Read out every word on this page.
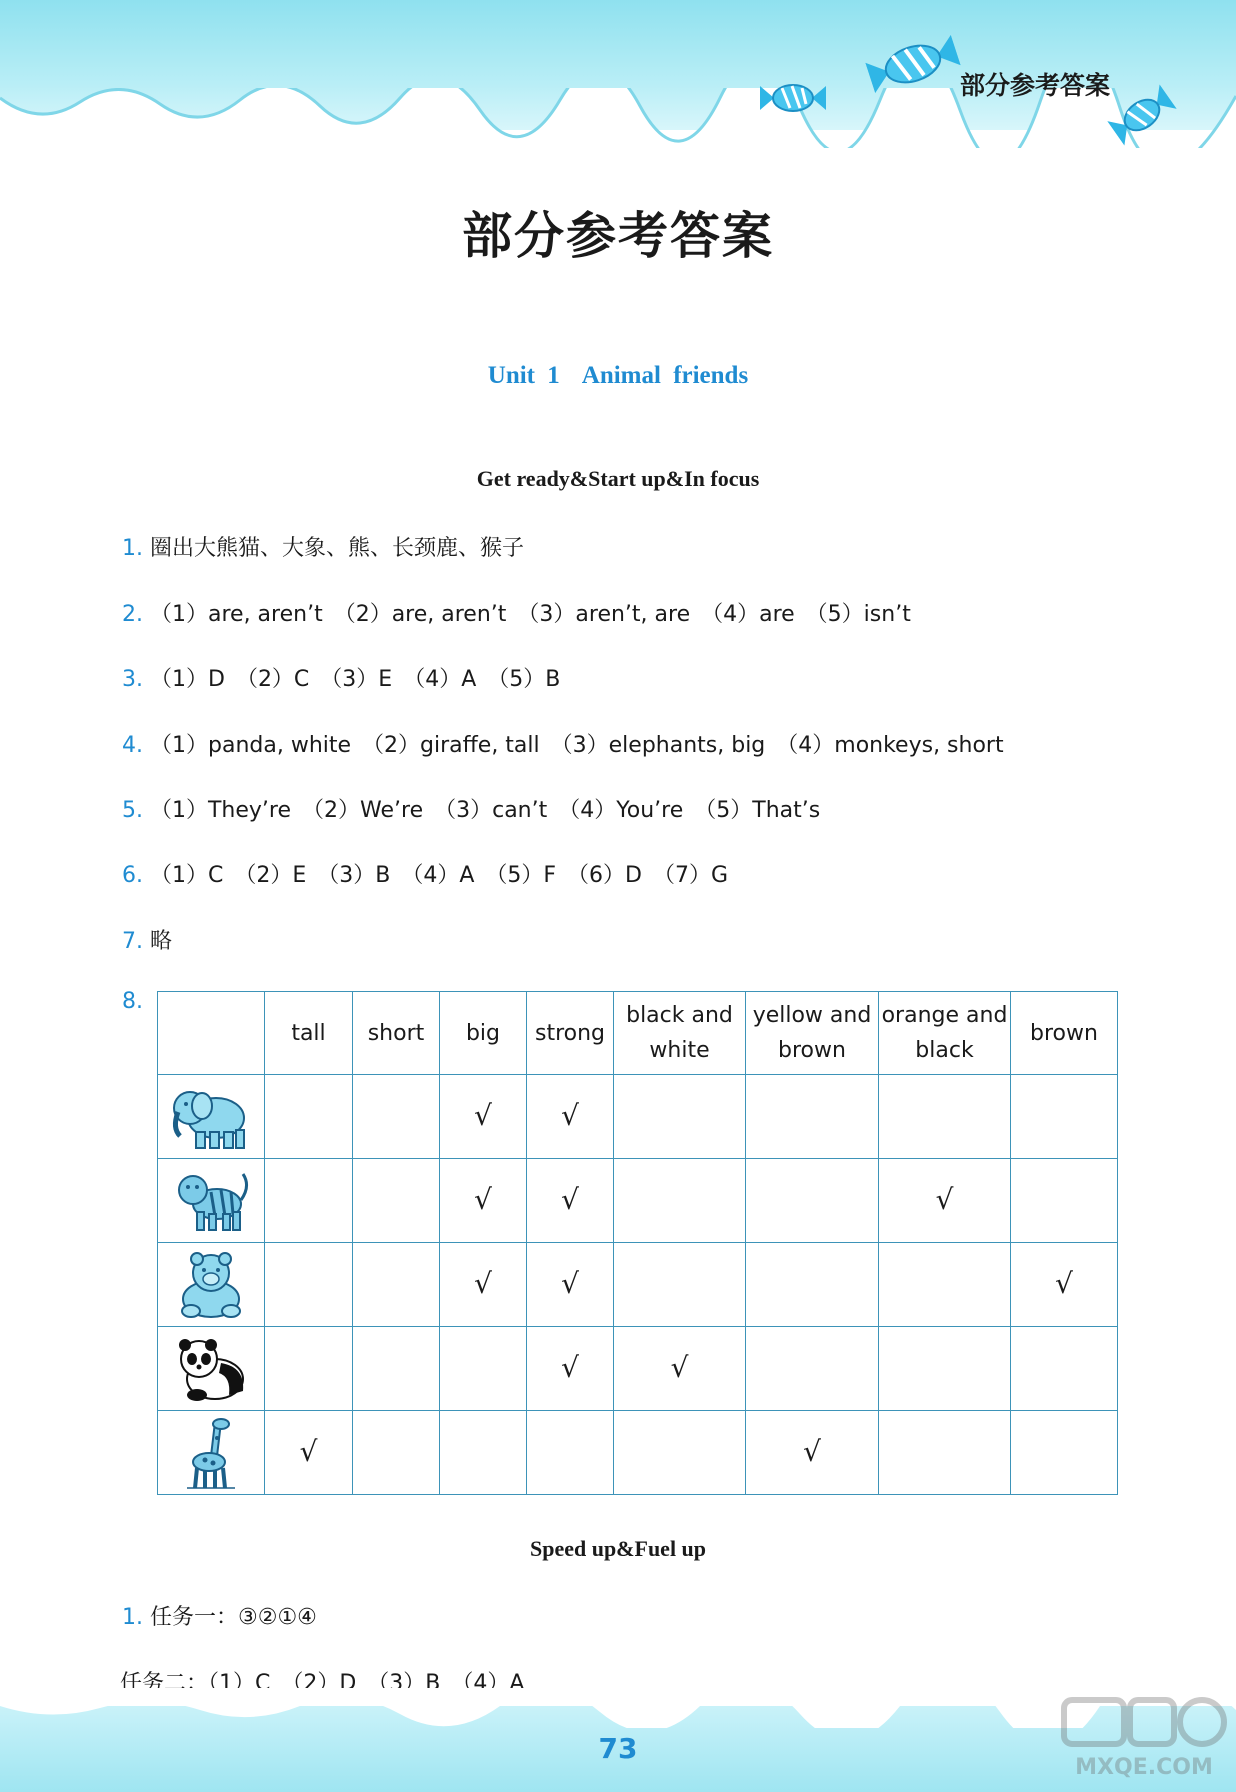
部分参考答案
部分参考答案
Unit 1 Animal friends
Get ready&Start up&In focus
1. 圈出大熊猫、大象、熊、长颈鹿、猴子
2. （1）are, aren’t　（2）are, aren’t　（3）aren’t, are　（4）are　（5）isn’t
3. （1）D　（2）C　（3）E　（4）A　（5）B
4. （1）panda, white　（2）giraffe, tall　（3）elephants, big　（4）monkeys, short
5. （1）They’re　（2）We’re　（3）can’t　（4）You’re　（5）That’s
6. （1）C　（2）E　（3）B　（4）A　（5）F　（6）D　（7）G
7. 略
8.
	tall	short	big	strong	black and white	yellow and brown	orange and black	brown

			√	√				

			√	√			√	

			√	√				√

				√	√			

	√					√		
Speed up&Fuel up
1. 任务一：③②①④
任务二：（1）C　（2）D　（3）B　（4）A
73
MXQE.COM
